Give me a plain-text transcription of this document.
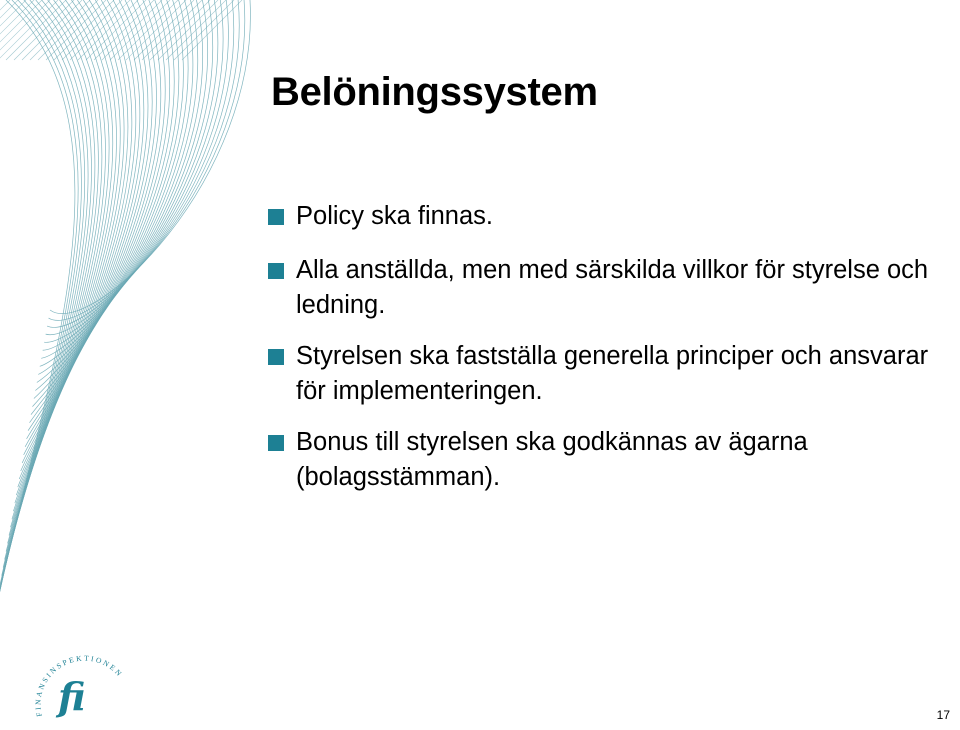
Belöningssystem
Policy ska finnas.
Alla anställda, men med särskilda villkor för styrelse och ledning.
Styrelsen ska fastställa generella principer och ansvarar för implementeringen.
Bonus till styrelsen ska godkännas av ägarna (bolagsstämman).
FINANSINSPEKTIONEN
fi	17
